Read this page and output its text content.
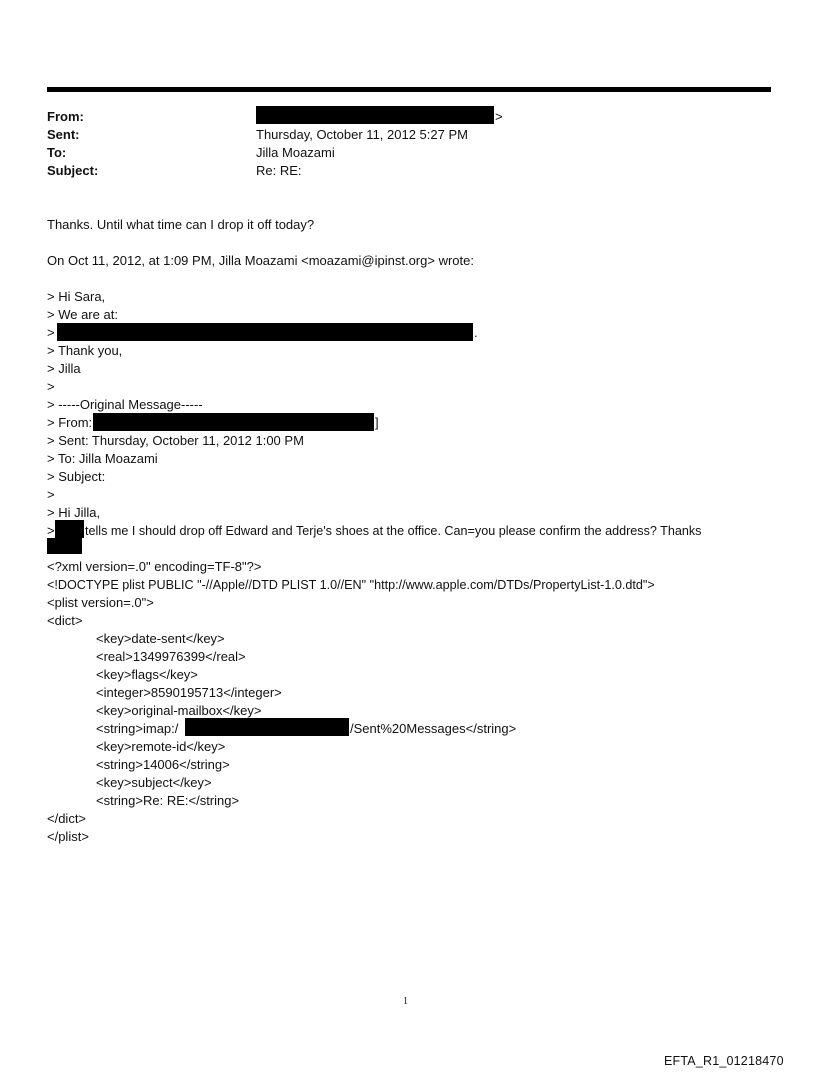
From:	>
Sent:	Thursday, October 11, 2012 5:27 PM
To:	Jilla Moazami
Subject:	Re: RE:
Thanks. Until what time can I drop it off today?
On Oct 11, 2012, at 1:09 PM, Jilla Moazami <moazami@ipinst.org> wrote:
> Hi Sara,
> We are at:
>	.
> Thank you,
> Jilla
>
> -----Original Message-----
> From:	]
> Sent: Thursday, October 11, 2012 1:00 PM
> To: Jilla Moazami
> Subject:
>
> Hi Jilla,
> tells me I should drop off Edward and Terje's shoes at the office. Can=you please confirm the address? Thanks
<?xml version=.0" encoding=TF-8"?>
<!DOCTYPE plist PUBLIC "-//Apple//DTD PLIST 1.0//EN" "http://www.apple.com/DTDs/PropertyList-1.0.dtd">
<plist version=.0">
<dict>
<key>date-sent</key>
<real>1349976399</real>
<key>flags</key>
<integer>8590195713</integer>
<key>original-mailbox</key>
<string>imap:/	/Sent%20Messages</string>
<key>remote-id</key>
<string>14006</string>
<key>subject</key>
<string>Re: RE:</string>
</dict>
</plist>
1
EFTA_R1_01218470
